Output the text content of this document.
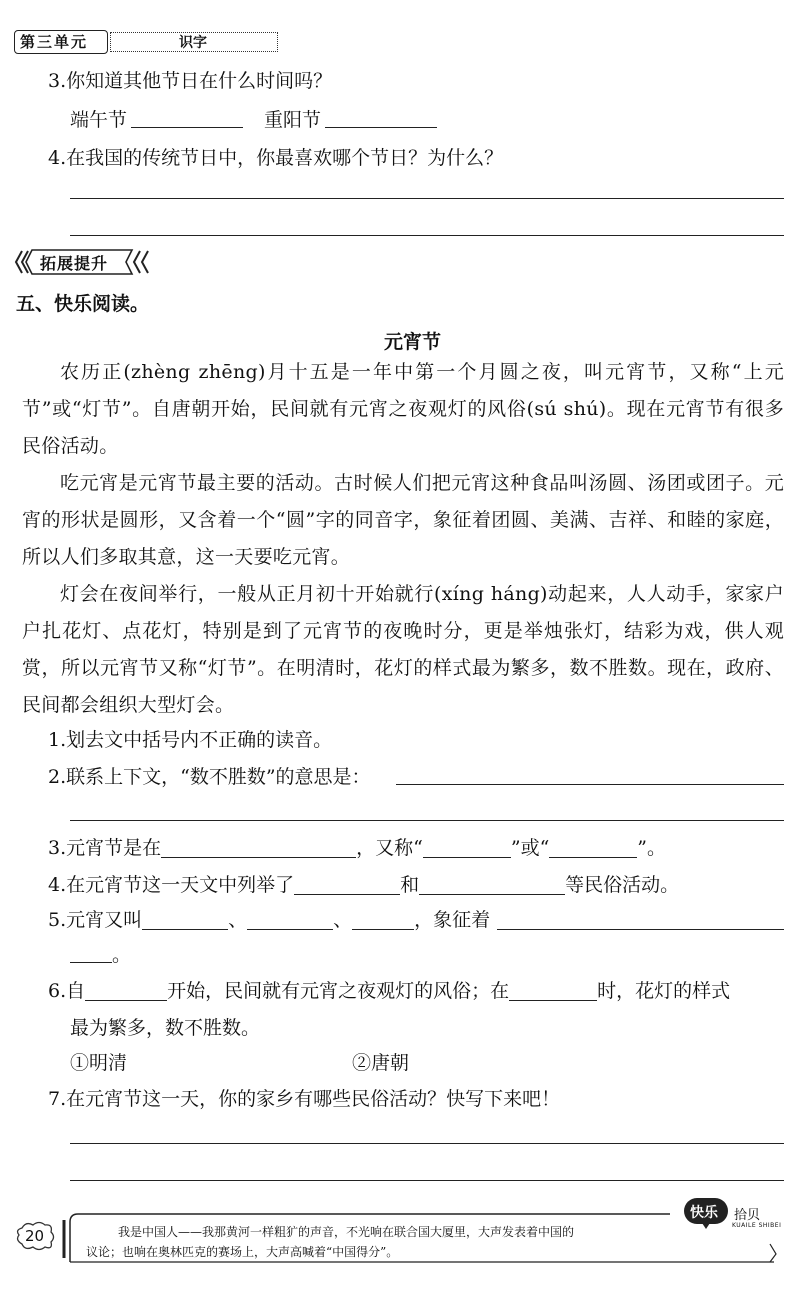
第三单元	识字
3.你知道其他节日在什么时间吗？
端午节	重阳节
4.在我国的传统节日中，你最喜欢哪个节日？为什么？
拓展提升
五、快乐阅读。
元宵节
农历正(zhèng zhēng)月十五是一年中第一个月圆之夜，叫元宵节，又称“上元节”或“灯节”。自唐朝开始，民间就有元宵之夜观灯的风俗(sú shú)。现在元宵节有很多民俗活动。
吃元宵是元宵节最主要的活动。古时候人们把元宵这种食品叫汤圆、汤团或团子。元宵的形状是圆形，又含着一个“圆”字的同音字，象征着团圆、美满、吉祥、和睦的家庭，所以人们多取其意，这一天要吃元宵。
灯会在夜间举行，一般从正月初十开始就行(xíng háng)动起来，人人动手，家家户户扎花灯、点花灯，特别是到了元宵节的夜晚时分，更是举烛张灯，结彩为戏，供人观赏，所以元宵节又称“灯节”。在明清时，花灯的样式最为繁多，数不胜数。现在，政府、民间都会组织大型灯会。
1.划去文中括号内不正确的读音。
2.联系上下文，“数不胜数”的意思是：
3.元宵节是在	，又称“	”或“	”。
4.在元宵节这一天文中列举了	和	等民俗活动。
5.元宵又叫	、	、	，象征着
。
6.自	开始，民间就有元宵之夜观灯的风俗；在	时，花灯的样式
最为繁多，数不胜数。
①明清	②唐朝
7.在元宵节这一天，你的家乡有哪些民俗活动？快写下来吧！
20	我是中国人——我那黄河一样粗犷的声音，不光响在联合国大厦里，大声发表着中国的
议论；也响在奥林匹克的赛场上，大声高喊着“中国得分”。
快乐 拾贝
KUAILE SHIBEI
